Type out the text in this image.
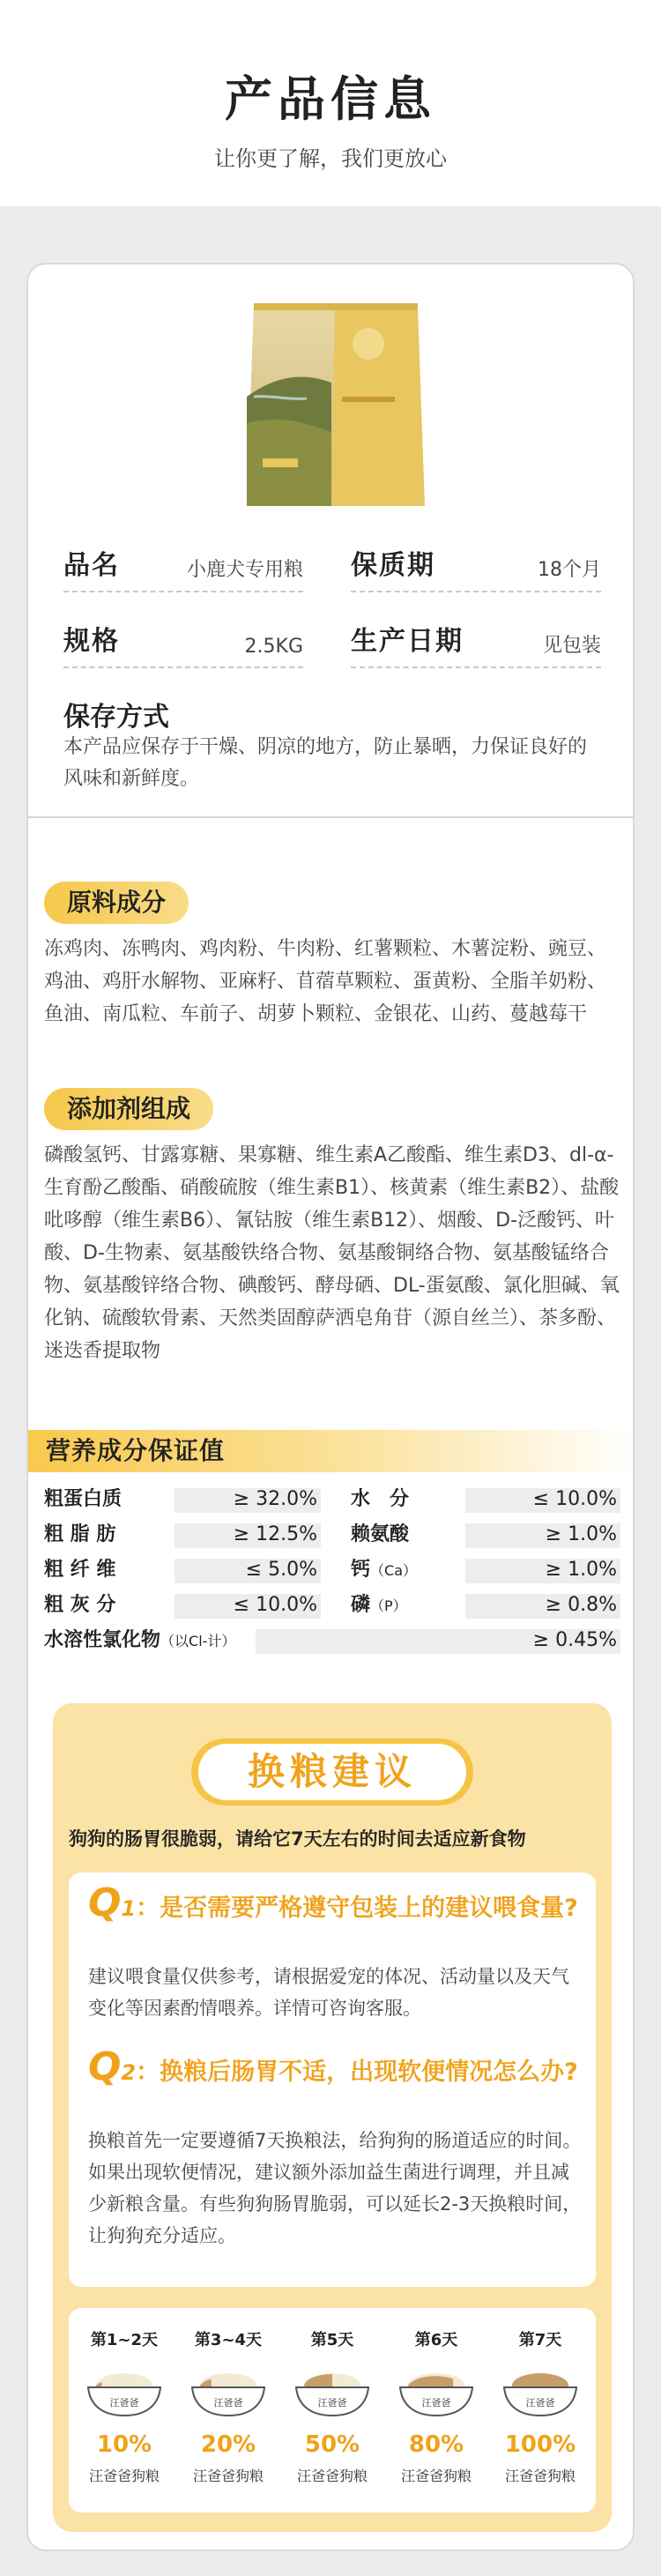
产品信息

让你更了解，我们更放心

品名	小鹿犬专用粮 保质期	18个月
规格	2.5KG 生产日期	见包装
保存方式
本产品应保存于干燥、阴凉的地方，防止暴晒，力保证良好的风味和新鲜度。
原料成分
冻鸡肉、冻鸭肉、鸡肉粉、牛肉粉、红薯颗粒、木薯淀粉、豌豆、鸡油、鸡肝水解物、亚麻籽、苜蓿草颗粒、蛋黄粉、全脂羊奶粉、鱼油、南瓜粒、车前子、胡萝卜颗粒、金银花、山药、蔓越莓干
添加剂组成
磷酸氢钙、甘露寡糖、果寡糖、维生素A乙酸酯、维生素D3、dl-α-生育酚乙酸酯、硝酸硫胺（维生素B1）、核黄素（维生素B2）、盐酸吡哆醇（维生素B6）、氰钴胺（维生素B12）、烟酸、D-泛酸钙、叶酸、D-生物素、氨基酸铁络合物、氨基酸铜络合物、氨基酸锰络合物、氨基酸锌络合物、碘酸钙、酵母硒、DL-蛋氨酸、氯化胆碱、氧化钠、硫酸软骨素、天然类固醇萨洒皂角苷（源自丝兰）、茶多酚、迷迭香提取物
营养成分保证值
粗蛋白质	≥ 32.0%
粗 脂 肪	≥ 12.5%
粗 纤 维	≤ 5.0%
粗 灰 分	≤ 10.0%
水　分	≤ 10.0%
赖氨酸	≥ 1.0%
钙（Ca）	≥ 1.0%
磷（P）	≥ 0.8%
水溶性氯化物（以Cl-计）	≥ 0.45%
换粮建议
狗狗的肠胃很脆弱，请给它7天左右的时间去适应新食物
Q1：是否需要严格遵守包装上的建议喂食量?
建议喂食量仅供参考，请根据爱宠的体况、活动量以及天气变化等因素酌情喂养。详情可咨询客服。
Q2：换粮后肠胃不适，出现软便情况怎么办?
换粮首先一定要遵循7天换粮法，给狗狗的肠道适应的时间。如果出现软便情况，建议额外添加益生菌进行调理，并且减少新粮含量。有些狗狗肠胃脆弱，可以延长2-3天换粮时间，让狗狗充分适应。
第1~2天
汪爸爸
10%
汪爸爸狗粮
第3~4天
汪爸爸
20%
汪爸爸狗粮
第5天
汪爸爸
50%
汪爸爸狗粮
第6天
汪爸爸
80%
汪爸爸狗粮
第7天
汪爸爸
100%
汪爸爸狗粮
